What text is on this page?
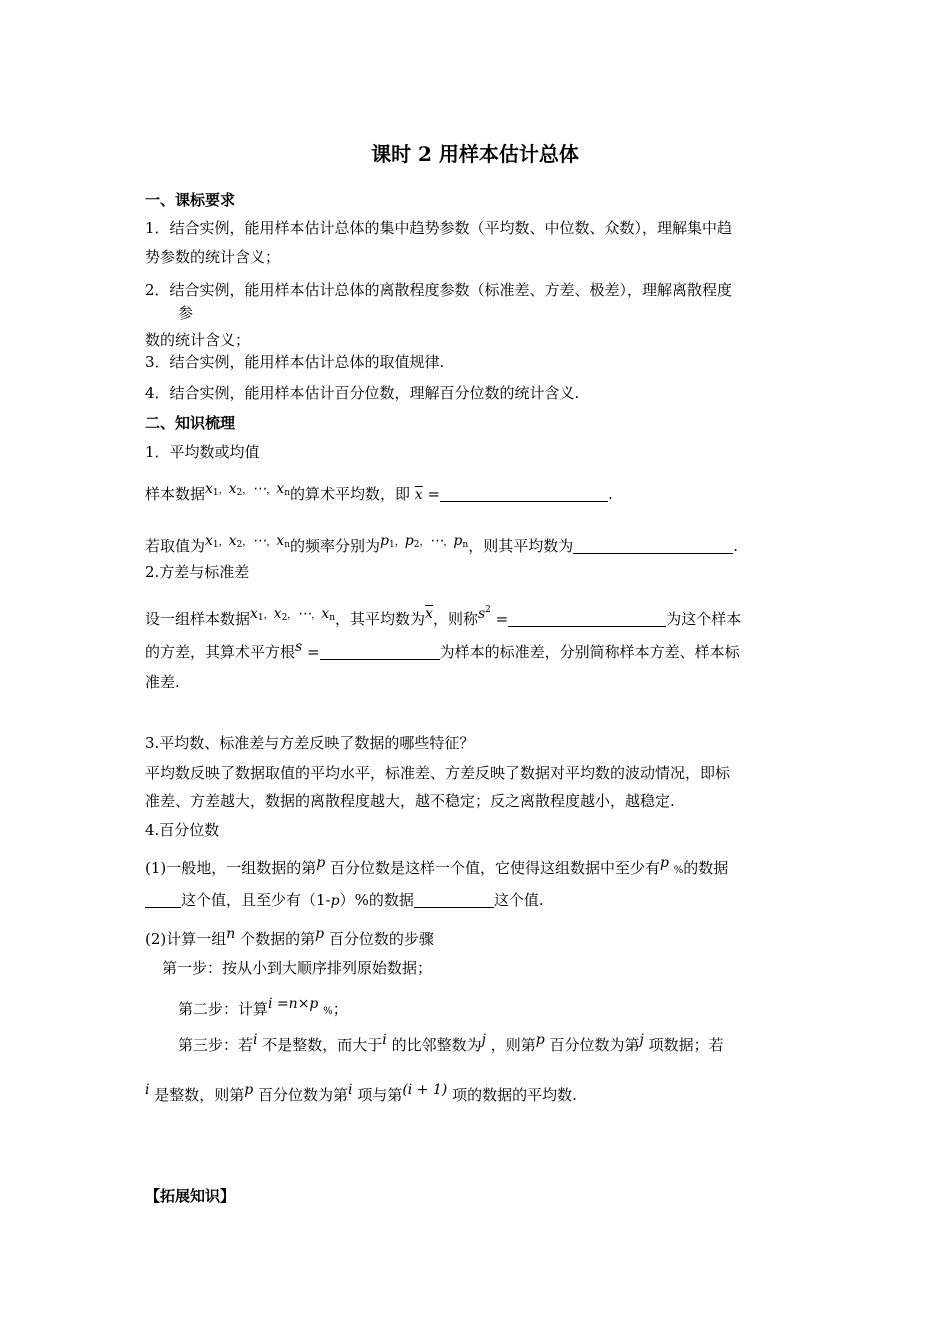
课时 2 用样本估计总体
一、课标要求
1．结合实例，能用样本估计总体的集中趋势参数（平均数、中位数、众数），理解集中趋
势参数的统计含义；
2．结合实例，能用样本估计总体的离散程度参数（标准差、方差、极差），理解离散程度
参
数的统计含义；
3．结合实例，能用样本估计总体的取值规律.
4．结合实例，能用样本估计百分位数，理解百分位数的统计含义.
二、知识梳理
1．平均数或均值
样本数据x1，x2，⋯，xn的算术平均数，即 $\overline{x}$ =	.
若取值为x1，x2，⋯，xn的频率分别为p1，p2，⋯，pn，则其平均数为	.
2.方差与标准差
设一组样本数据x1，x2，⋯，xn，其平均数为$\overline{x}$，则称$s^2$ =	为这个样本
的方差，其算术平方根s =	为样本的标准差，分别简称样本方差、样本标
准差.
3.平均数、标准差与方差反映了数据的哪些特征？
平均数反映了数据取值的平均水平，标准差、方差反映了数据对平均数的波动情况，即标
准差、方差越大，数据的离散程度越大，越不稳定；反之离散程度越小，越稳定.
4.百分位数
(1)一般地，一组数据的第p 百分位数是这样一个值，它使得这组数据中至少有p %的数据
这个值，且至少有（1-p）%的数据	这个值.
(2)计算一组n 个数据的第p 百分位数的步骤
第一步：按从小到大顺序排列原始数据；
第二步：计算i =n×p %；
第三步：若i 不是整数，而大于i 的比邻整数为j ，则第p 百分位数为第j 项数据；若
i 是整数，则第p 百分位数为第i 项与第(i + 1) 项的数据的平均数.
【拓展知识】
